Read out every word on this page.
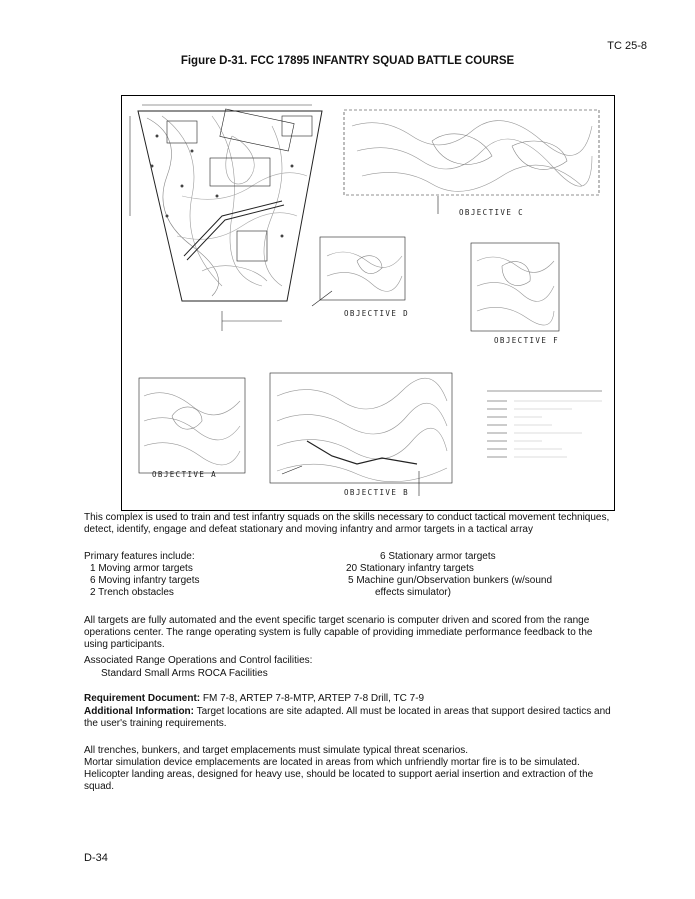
TC 25-8
Figure D-31. FCC 17895 INFANTRY SQUAD BATTLE COURSE
OBJECTIVE C
OBJECTIVE D
OBJECTIVE F
OBJECTIVE A
OBJECTIVE B
This complex is used to train and test infantry squads on the skills necessary to conduct tactical movement techniques, detect, identify, engage and defeat stationary and moving infantry and armor targets in a tactical array
Primary features include:
1 Moving armor targets
6 Moving infantry targets
2 Trench obstacles
20 Stationary infantry targets
5 Machine gun/Observation bunkers (w/sound
effects simulator)
6 Stationary armor targets
All targets are fully automated and the event specific target scenario is computer driven and scored from the range operations center. The range operating system is fully capable of providing immediate performance feedback to the using participants.
Associated Range Operations and Control facilities:
Standard Small Arms ROCA Facilities
Requirement Document: FM 7-8, ARTEP 7-8-MTP, ARTEP 7-8 Drill, TC 7-9
Additional Information: Target locations are site adapted. All must be located in areas that support desired tactics and the user's training requirements.
All trenches, bunkers, and target emplacements must simulate typical threat scenarios.
Mortar simulation device emplacements are located in areas from which unfriendly mortar fire is to be simulated.
Helicopter landing areas, designed for heavy use, should be located to support aerial insertion and extraction of the squad.
D-34
